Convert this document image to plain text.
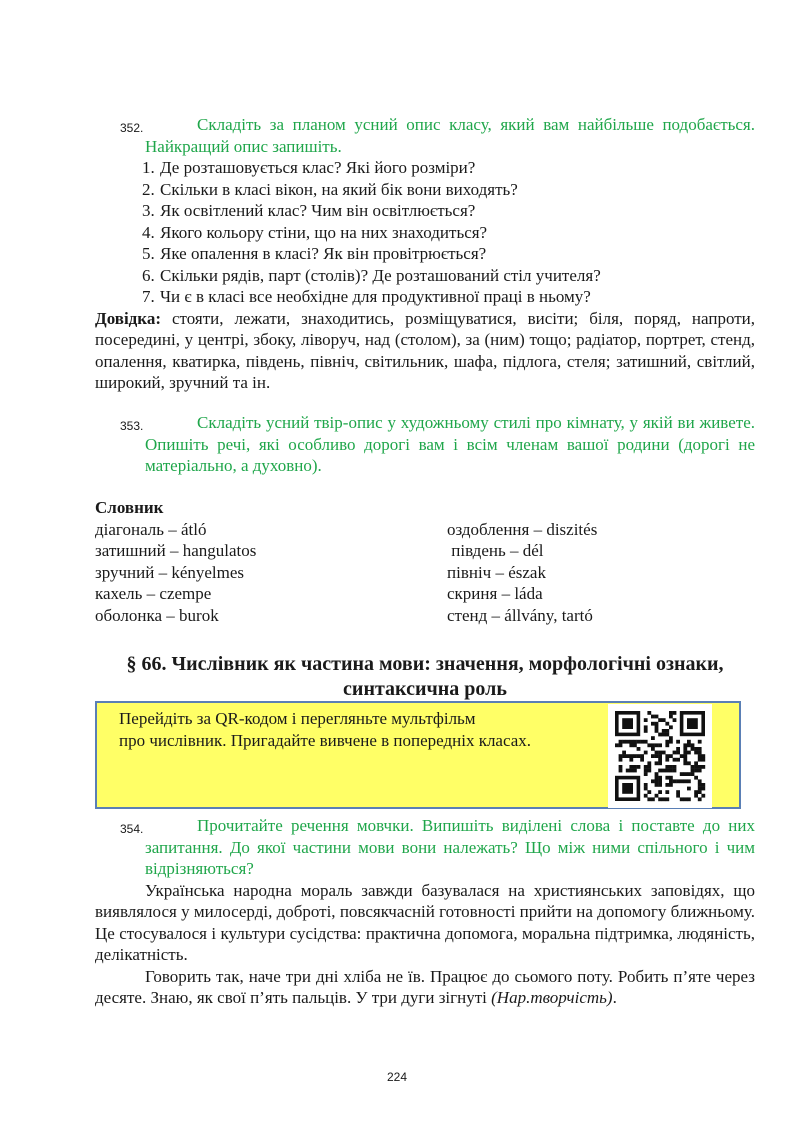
352.	Складіть за планом усний опис класу, який вам найбільше подобається. Найкращий опис запишіть.
1. Де розташовується клас? Які його розміри?
2. Скільки в класі вікон, на який бік вони виходять?
3. Як освітлений клас? Чим він освітлюється?
4. Якого кольору стіни, що на них знаходиться?
5. Яке опалення в класі? Як він провітрюється?
6. Скільки рядів, парт (столів)? Де розташований стіл учителя?
7. Чи є в класі все необхідне для продуктивної праці в ньому?
Довідка: стояти, лежати, знаходитись, розміщуватися, висіти; біля, поряд, напроти, посередині, у центрі, збоку, ліворуч, над (столом), за (ним) тощо; радіатор, портрет, стенд, опалення, кватирка, південь, північ, світильник, шафа, підлога, стеля; затишний, світлий, широкий, зручний та ін.
353.	Складіть усний твір-опис у художньому стилі про кімнату, у якій ви живете. Опишіть речі, які особливо дорогі вам і всім членам вашої родини (дорогі не матеріально, а духовно).
Словник
діагональ – átló
затишний – hangulatos
зручний – kényelmes
кахель – czempe
оболонка – burok
оздоблення – diszités
південь – dél
північ – észak
скриня – láda
стенд – állvány, tartó
§ 66. Числівник як частина мови: значення, морфологічні ознаки,
синтаксична роль
Перейдіть за QR-кодом і перегляньте мультфільм
про числівник. Пригадайте вивчене в попередніх класах.
354.	Прочитайте речення мовчки. Випишіть виділені слова і поставте до них запитання. До якої частини мови вони належать? Що між ними спільного і чим відрізняються?
Українська народна мораль завжди базувалася на християнських заповідях, що виявлялося у милосерді, доброті, повсякчасній готовності прийти на допомогу ближньому. Це стосувалося і культури сусідства: практична допомога, моральна підтримка, людяність, делікатність.
Говорить так, наче три дні хліба не їв. Працює до сьомого поту. Робить п’яте через десяте. Знаю, як свої п’ять пальців. У три дуги зігнуті (Нар.творчість).
224
